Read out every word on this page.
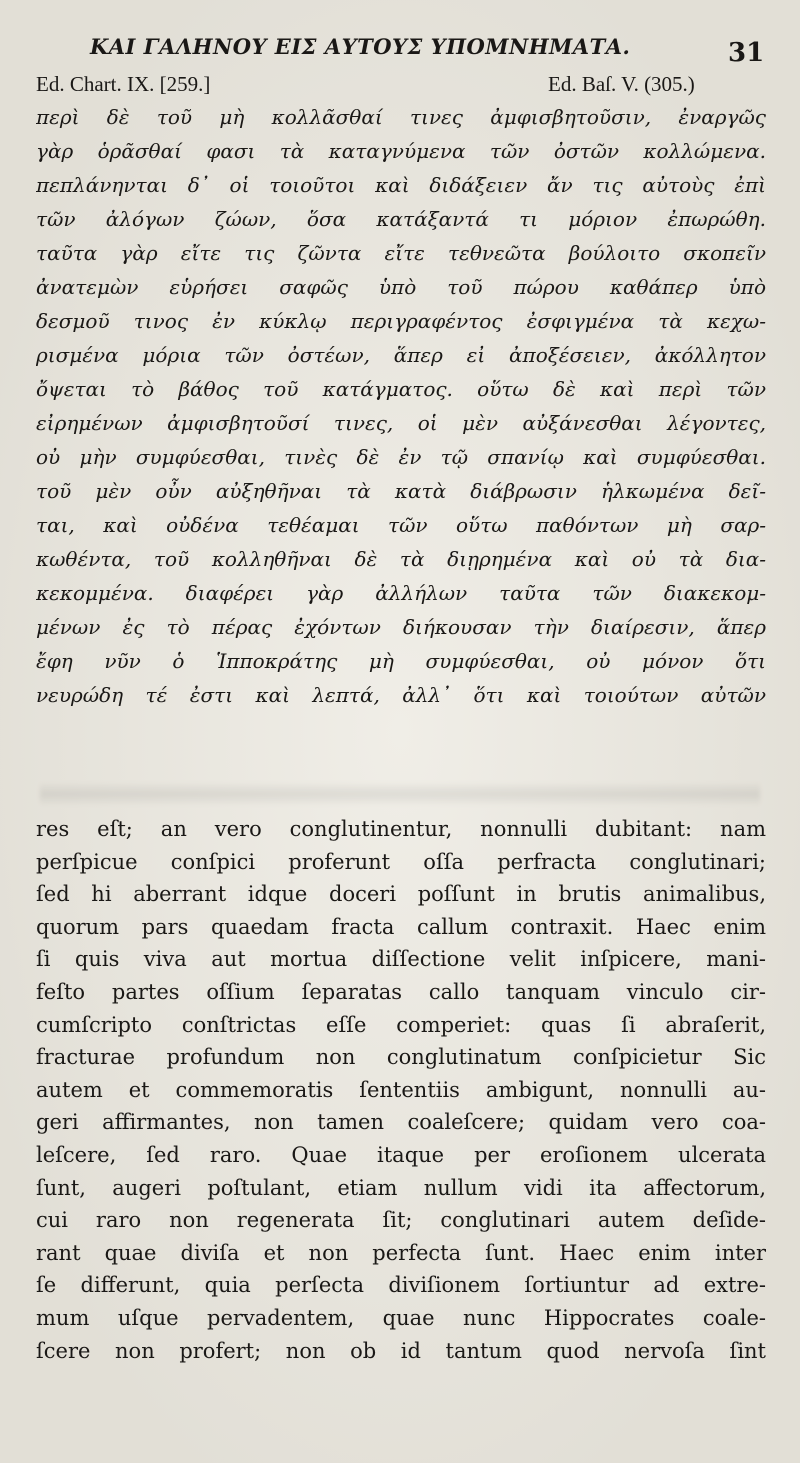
ΚΑΙ ΓΑΛΗΝΟΥ ΕΙΣ ΑΥΤΟΥΣ ΥΠΟΜΝΗΜΑΤΑ.	31
Ed. Chart. IX. [259.]	Ed. Baſ. V. (305.)
περὶ δὲ τοῦ μὴ κολλᾶσθαί τινες ἀμφισβητοῦσιν, ἐναργῶς
γὰρ ὁρᾶσθαί φασι τὰ καταγνύμενα τῶν ὀστῶν κολλώμενα.
πεπλάνηνται δ᾽ οἱ τοιοῦτοι καὶ διδάξειεν ἄν τις αὐτοὺς ἐπὶ
τῶν ἀλόγων ζώων, ὅσα κατάξαντά τι μόριον ἐπωρώθη.
ταῦτα γὰρ εἴτε τις ζῶντα εἴτε τεθνεῶτα βούλοιτο σκοπεῖν
ἀνατεμὼν εὑρήσει σαφῶς ὑπὸ τοῦ πώρου καθάπερ ὑπὸ
δεσμοῦ τινος ἐν κύκλῳ περιγραφέντος ἐσφιγμένα τὰ κεχω-
ρισμένα μόρια τῶν ὀστέων, ἅπερ εἰ ἀποξέσειεν, ἀκόλλητον
ὄψεται τὸ βάθος τοῦ κατάγματος. οὕτω δὲ καὶ περὶ τῶν
εἰρημένων ἀμφισβητοῦσί τινες, οἱ μὲν αὐξάνεσθαι λέγοντες,
οὐ μὴν συμφύεσθαι, τινὲς δὲ ἐν τῷ σπανίῳ καὶ συμφύεσθαι.
τοῦ μὲν οὖν αὐξηθῆναι τὰ κατὰ διάβρωσιν ἡλκωμένα δεῖ-
ται, καὶ οὐδένα τεθέαμαι τῶν οὕτω παθόντων μὴ σαρ-
κωθέντα, τοῦ κολληθῆναι δὲ τὰ διῃρημένα καὶ οὐ τὰ δια-
κεκομμένα. διαφέρει γὰρ ἀλλήλων ταῦτα τῶν διακεκομ-
μένων ἐς τὸ πέρας ἐχόντων διήκουσαν τὴν διαίρεσιν, ἅπερ
ἔφη νῦν ὁ Ἱπποκράτης μὴ συμφύεσθαι, οὐ μόνον ὅτι
νευρώδη τέ ἐστι καὶ λεπτά, ἀλλ᾽ ὅτι καὶ τοιούτων αὐτῶν
res eſt; an vero conglutinentur, nonnulli dubitant: nam
perſpicue conſpici proferunt oſſa perfracta conglutinari;
ſed hi aberrant idque doceri poſſunt in brutis animalibus,
quorum pars quaedam fracta callum contraxit. Haec enim
ſi quis viva aut mortua diſſectione velit inſpicere, mani-
feſto partes oſſium ſeparatas callo tanquam vinculo cir-
cumſcripto conſtrictas eſſe comperiet: quas ſi abraſerit,
fracturae profundum non conglutinatum conſpicietur Sic
autem et commemoratis ſententiis ambigunt, nonnulli au-
geri affirmantes, non tamen coaleſcere; quidam vero coa-
leſcere, ſed raro. Quae itaque per eroſionem ulcerata
ſunt, augeri poſtulant, etiam nullum vidi ita affectorum,
cui raro non regenerata ſit; conglutinari autem deſide-
rant quae diviſa et non perfecta ſunt. Haec enim inter
ſe differunt, quia perſecta diviſionem ſortiuntur ad extre-
mum uſque pervadentem, quae nunc Hippocrates coale-
ſcere non profert; non ob id tantum quod nervoſa ſint
